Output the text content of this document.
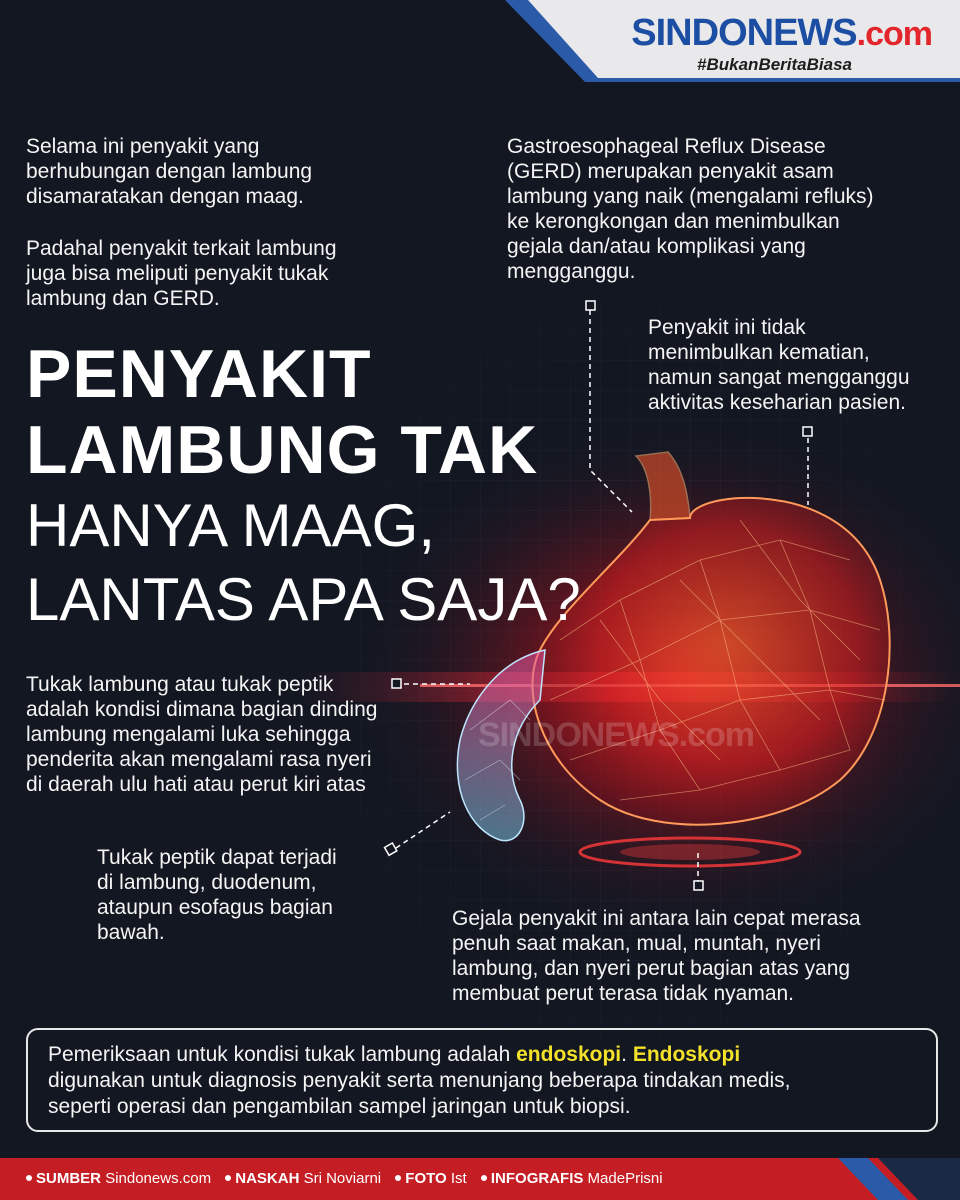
SINDONEWS.com
#BukanBeritaBiasa
Selama ini penyakit yang
berhubungan dengan lambung
disamaratakan dengan maag.
Padahal penyakit terkait lambung
juga bisa meliputi penyakit tukak
lambung dan GERD.
PENYAKIT
LAMBUNG TAK
HANYA MAAG,
LANTAS APA SAJA?
Gastroesophageal Reflux Disease
(GERD) merupakan penyakit asam
lambung yang naik (mengalami refluks)
ke kerongkongan dan menimbulkan
gejala dan/atau komplikasi yang
mengganggu.
Penyakit ini tidak
menimbulkan kematian,
namun sangat mengganggu
aktivitas keseharian pasien.
SINDONEWS.com
Tukak lambung atau tukak peptik
adalah kondisi dimana bagian dinding
lambung mengalami luka sehingga
penderita akan mengalami rasa nyeri
di daerah ulu hati atau perut kiri atas
Tukak peptik dapat terjadi
di lambung, duodenum,
ataupun esofagus bagian
bawah.
Gejala penyakit ini antara lain cepat merasa
penuh saat makan, mual, muntah, nyeri
lambung, dan nyeri perut bagian atas yang
membuat perut terasa tidak nyaman.
Pemeriksaan untuk kondisi tukak lambung adalah endoskopi. Endoskopi
digunakan untuk diagnosis penyakit serta menunjang beberapa tindakan medis,
seperti operasi dan pengambilan sampel jaringan untuk biopsi.
SUMBER Sindonews.com NASKAH Sri Noviarni FOTO Ist INFOGRAFIS MadePrisni
